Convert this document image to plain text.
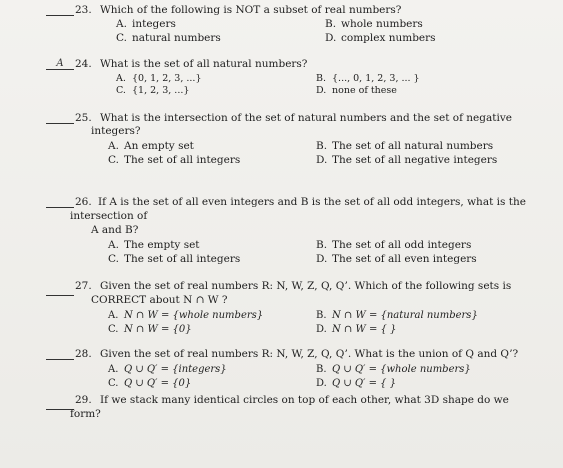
23. Which of the following is NOT a subset of real numbers?
A. integers	B. whole numbers
C. natural numbers	D. complex numbers
A	24. What is the set of all natural numbers?
A. {0, 1, 2, 3, ...}	B. {..., 0, 1, 2, 3, ... }
C. {1, 2, 3, ...}	D. none of these
25. What is the intersection of the set of natural numbers and the set of negative
integers?
A. An empty set	B. The set of all natural numbers
C. The set of all integers	D. The set of all negative integers
26. If A is the set of all even integers and B is the set of all odd integers, what is the
intersection of
A and B?
A. The empty set	B. The set of all odd integers
C. The set of all integers	D. The set of all even integers
27. Given the set of real numbers R: N, W, Z, Q, Q’. Which of the following sets is
CORRECT about N ∩ W ?
A. N ∩ W = {whole numbers}	B. N ∩ W = {natural numbers}
C. N ∩ W = {0}	D. N ∩ W = { }
28. Given the set of real numbers R: N, W, Z, Q, Q’. What is the union of Q and Q’?
A. Q ∪ Q′ = {integers}	B. Q ∪ Q′ = {whole numbers}
C. Q ∪ Q′ = {0}	D. Q ∪ Q′ = { }
29. If we stack many identical circles on top of each other, what 3D shape do we
form?
